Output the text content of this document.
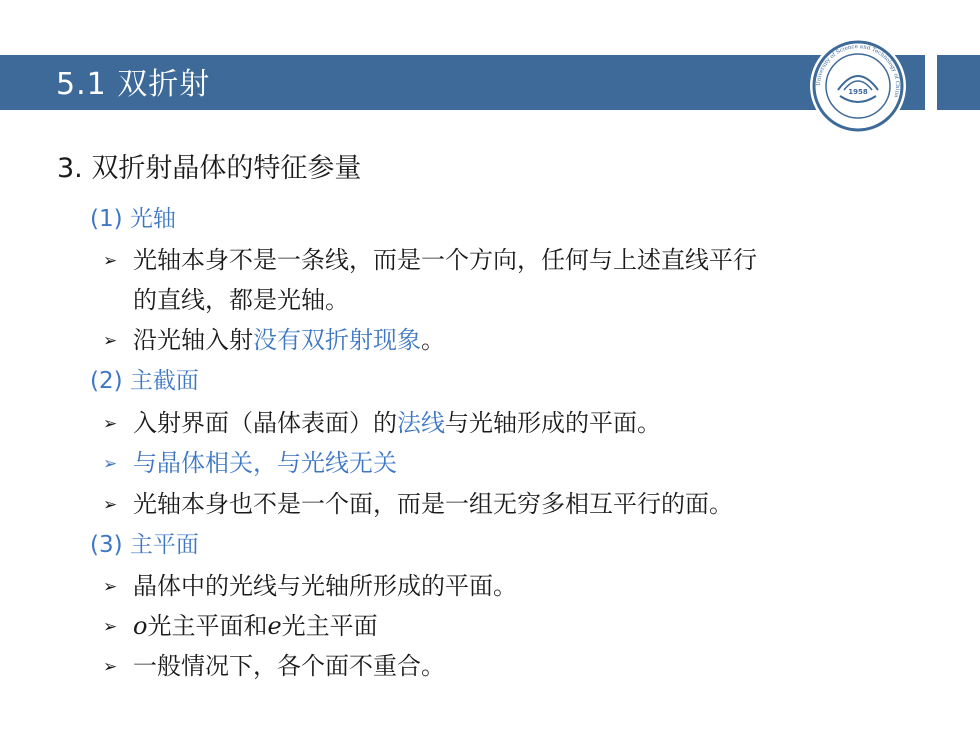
5.1 双折射	University of Science and Technology of China
1958
3. 双折射晶体的特征参量
(1) 光轴
➢ 光轴本身不是一条线，而是一个方向，任何与上述直线平行
的直线，都是光轴。
➢ 沿光轴入射没有双折射现象。
(2) 主截面
➢ 入射界面（晶体表面）的法线与光轴形成的平面。
➢ 与晶体相关，与光线无关
➢ 光轴本身也不是一个面，而是一组无穷多相互平行的面。
(3) 主平面
➢ 晶体中的光线与光轴所形成的平面。
➢ o光主平面和e光主平面
➢ 一般情况下，各个面不重合。
